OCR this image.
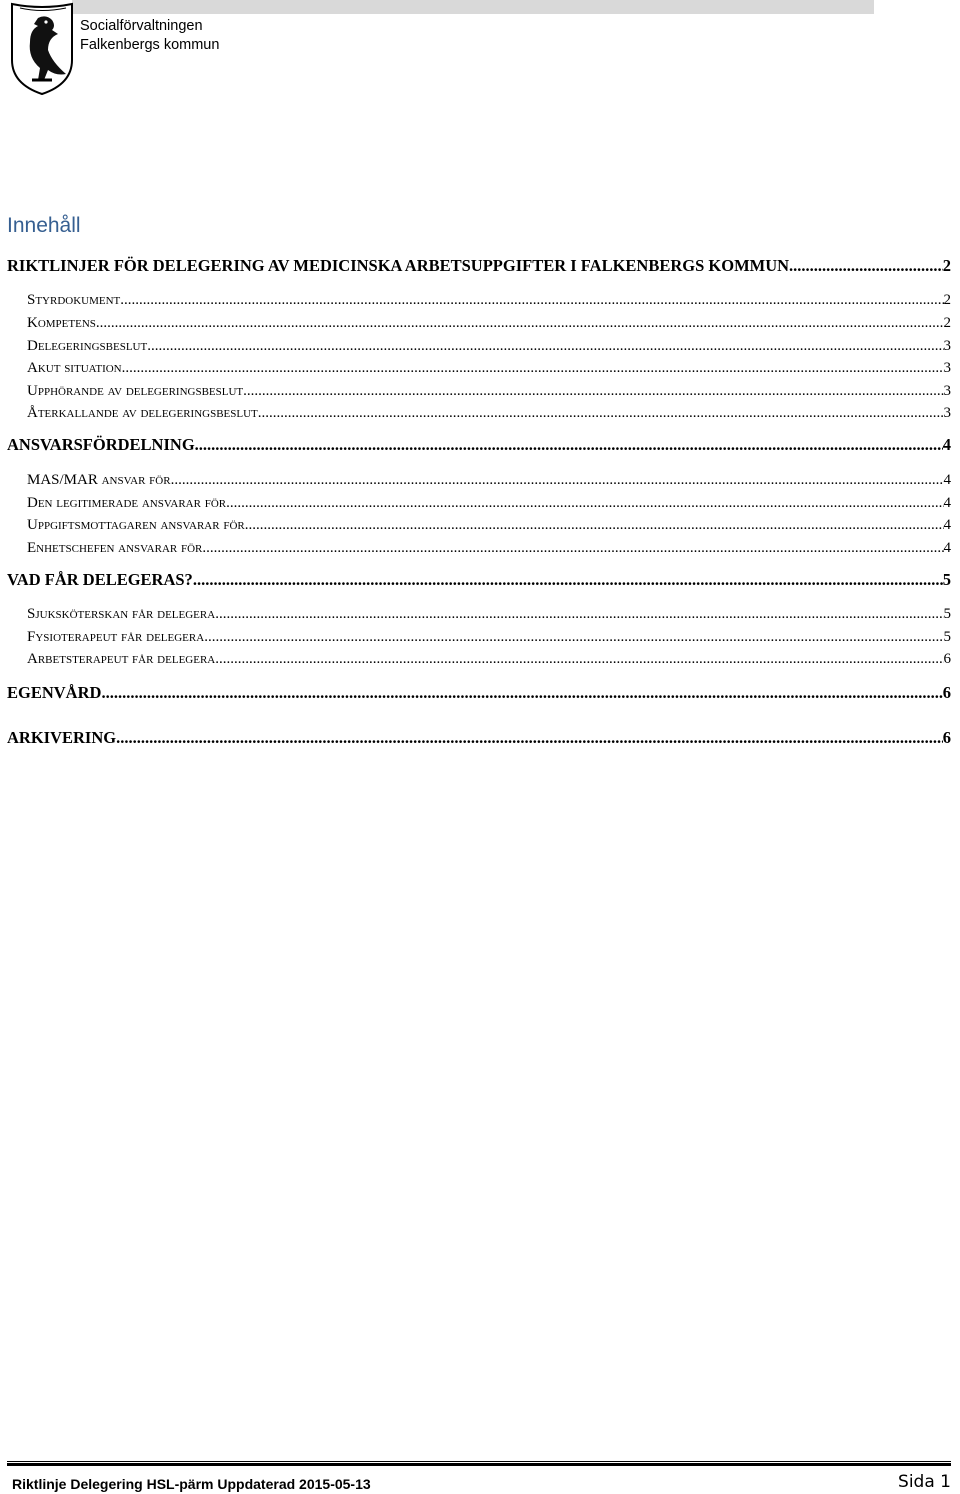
Socialförvaltningen
Falkenbergs kommun
Innehåll
RIKTLINJER FÖR DELEGERING AV MEDICINSKA ARBETSUPPGIFTER I FALKENBERGS KOMMUN .....	2
Styrdokument .....	2
Kompetens .....	2
Delegeringsbeslut .....	3
Akut situation .....	3
Upphörande av delegeringsbeslut .....	3
Återkallande av delegeringsbeslut .....	3
ANSVARSFÖRDELNING .....	4
MAS/MAR ansvar för .....	4
Den legitimerade ansvarar för .....	4
Uppgiftsmottagaren ansvarar för .....	4
Enhetschefen ansvarar för .....	4
VAD FÅR DELEGERAS? .....	5
Sjuksköterskan får delegera .....	5
Fysioterapeut får delegera .....	5
Arbetsterapeut får delegera .....	6
EGENVÅRD .....	6
ARKIVERING .....	6
Riktlinje Delegering HSL-pärm Uppdaterad 2015-05-13	Sida 1
